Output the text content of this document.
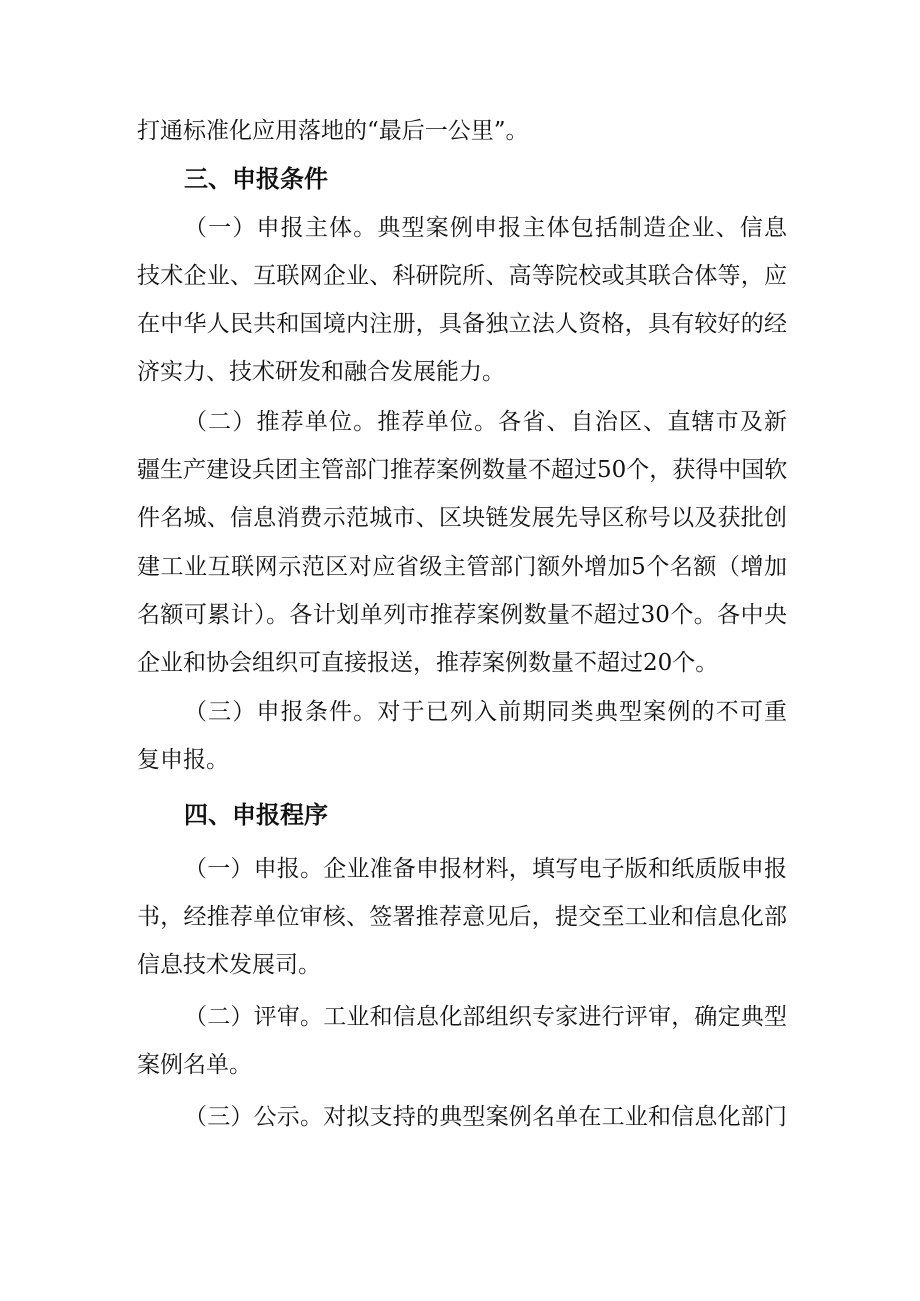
打通标准化应用落地的“最后一公里”。
三、申报条件
（一）申报主体。典型案例申报主体包括制造企业、信息
技术企业、互联网企业、科研院所、高等院校或其联合体等，应
在中华人民共和国境内注册，具备独立法人资格，具有较好的经
济实力、技术研发和融合发展能力。
（二）推荐单位。推荐单位。各省、自治区、直辖市及新
疆生产建设兵团主管部门推荐案例数量不超过50个，获得中国软
件名城、信息消费示范城市、区块链发展先导区称号以及获批创
建工业互联网示范区对应省级主管部门额外增加5个名额（增加
名额可累计）。各计划单列市推荐案例数量不超过30个。各中央
企业和协会组织可直接报送，推荐案例数量不超过20个。
（三）申报条件。对于已列入前期同类典型案例的不可重
复申报。
四、申报程序
（一）申报。企业准备申报材料，填写电子版和纸质版申报
书，经推荐单位审核、签署推荐意见后，提交至工业和信息化部
信息技术发展司。
（二）评审。工业和信息化部组织专家进行评审，确定典型
案例名单。
（三）公示。对拟支持的典型案例名单在工业和信息化部门
